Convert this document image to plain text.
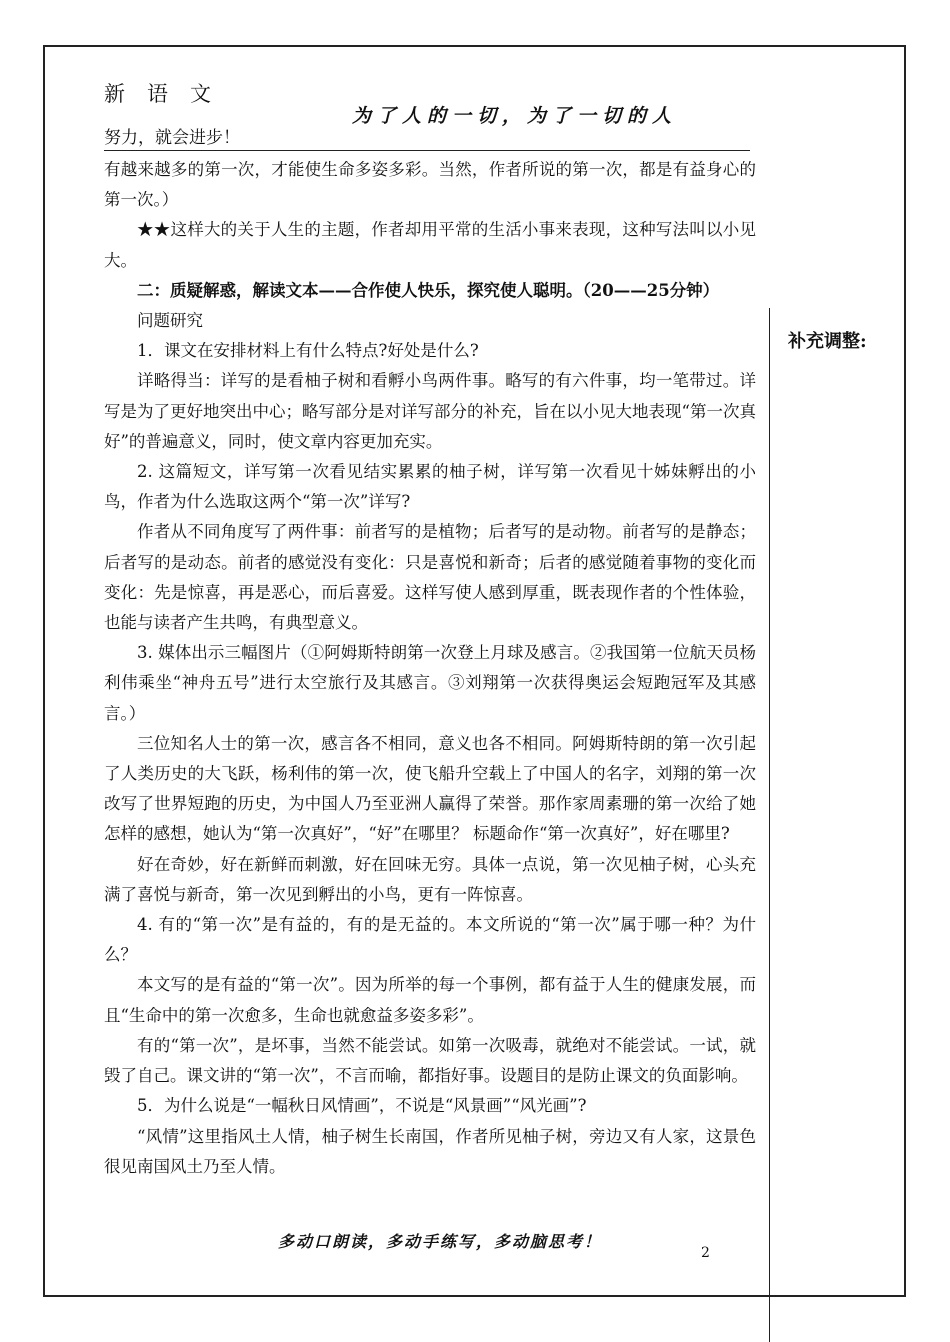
新语文
为了人的一切，为了一切的人
努力，就会进步！
补充调整:

有越来越多的第一次，才能使生命多姿多彩。当然，作者所说的第一次，都是有益身心的第一次。）

★★这样大的关于人生的主题，作者却用平常的生活小事来表现，这种写法叫以小见大。

二：质疑解惑，解读文本——合作使人快乐，探究使人聪明。（20——25分钟）

问题研究

1．课文在安排材料上有什么特点?好处是什么?

详略得当：详写的是看柚子树和看孵小鸟两件事。略写的有六件事，均一笔带过。详写是为了更好地突出中心；略写部分是对详写部分的补充，旨在以小见大地表现“第一次真好”的普遍意义，同时，使文章内容更加充实。

2. 这篇短文，详写第一次看见结实累累的柚子树，详写第一次看见十姊妹孵出的小鸟，作者为什么选取这两个“第一次”详写?

作者从不同角度写了两件事：前者写的是植物；后者写的是动物。前者写的是静态；后者写的是动态。前者的感觉没有变化：只是喜悦和新奇；后者的感觉随着事物的变化而变化：先是惊喜，再是恶心，而后喜爱。这样写使人感到厚重，既表现作者的个性体验，也能与读者产生共鸣，有典型意义。

3. 媒体出示三幅图片（①阿姆斯特朗第一次登上月球及感言。②我国第一位航天员杨利伟乘坐“神舟五号”进行太空旅行及其感言。③刘翔第一次获得奥运会短跑冠军及其感言。）

三位知名人士的第一次，感言各不相同，意义也各不相同。阿姆斯特朗的第一次引起了人类历史的大飞跃，杨利伟的第一次，使飞船升空载上了中国人的名字，刘翔的第一次改写了世界短跑的历史，为中国人乃至亚洲人赢得了荣誉。那作家周素珊的第一次给了她怎样的感想，她认为“第一次真好”，“好”在哪里？ 标题命作“第一次真好”，好在哪里?

好在奇妙，好在新鲜而刺激，好在回味无穷。具体一点说，第一次见柚子树，心头充满了喜悦与新奇，第一次见到孵出的小鸟，更有一阵惊喜。

4. 有的“第一次”是有益的，有的是无益的。本文所说的“第一次”属于哪一种？为什么？

本文写的是有益的“第一次”。因为所举的每一个事例，都有益于人生的健康发展，而且“生命中的第一次愈多，生命也就愈益多姿多彩”。

有的“第一次”，是坏事，当然不能尝试。如第一次吸毒，就绝对不能尝试。一试，就毁了自己。课文讲的“第一次”，不言而喻，都指好事。设题目的是防止课文的负面影响。

5．为什么说是“一幅秋日风情画”，不说是“风景画”“风光画”?

“风情”这里指风土人情，柚子树生长南国，作者所见柚子树，旁边又有人家，这景色很见南国风土乃至人情。

多动口朗读，多动手练写，多动脑思考！
2
